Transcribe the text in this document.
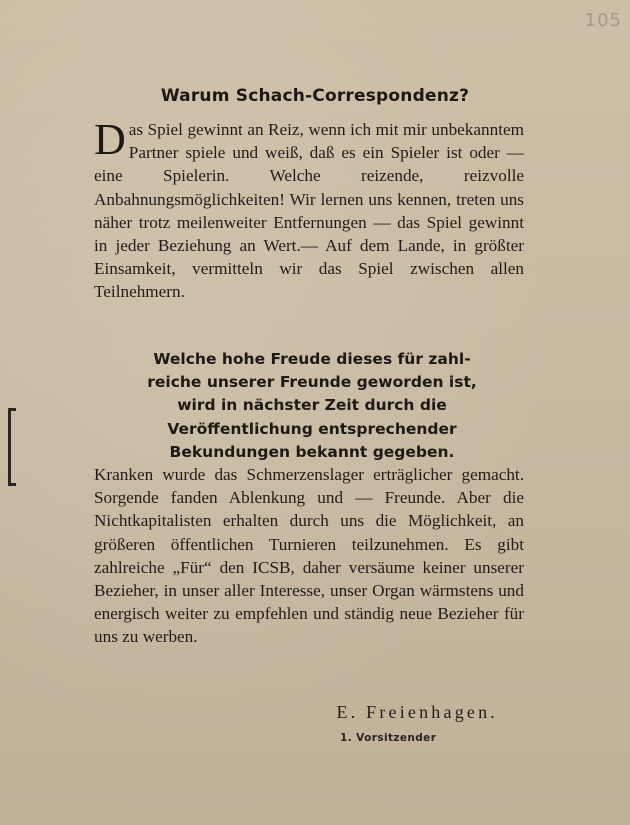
105
Warum Schach-Correspondenz?
Das Spiel gewinnt an Reiz, wenn ich mit mir unbekanntem Partner spiele und weiß, daß es ein Spieler ist oder — eine Spielerin. Welche reizende, reizvolle Anbahnungsmöglichkeiten! Wir lernen uns kennen, treten uns näher trotz meilenweiter Entfernungen — das Spiel gewinnt in jeder Beziehung an Wert.— Auf dem Lande, in größter Einsamkeit, vermitteln wir das Spiel zwischen allen Teilnehmern.
Welche hohe Freude dieses für zahl-
reiche unserer Freunde geworden ist,
wird in nächster Zeit durch die
Veröffentlichung entsprechender
Bekundungen bekannt gegeben.
Kranken wurde das Schmerzenslager erträglicher gemacht. Sorgende fanden Ablenkung und — Freunde. Aber die Nichtkapitalisten erhalten durch uns die Möglichkeit, an größeren öffentlichen Turnieren teilzunehmen. Es gibt zahlreiche „Für“ den ICSB, daher versäume keiner unserer Bezieher, in unser aller Interesse, unser Organ wärmstens und energisch weiter zu empfehlen und ständig neue Bezieher für uns zu werben.
E. Freienhagen.
1. Vorsitzender
